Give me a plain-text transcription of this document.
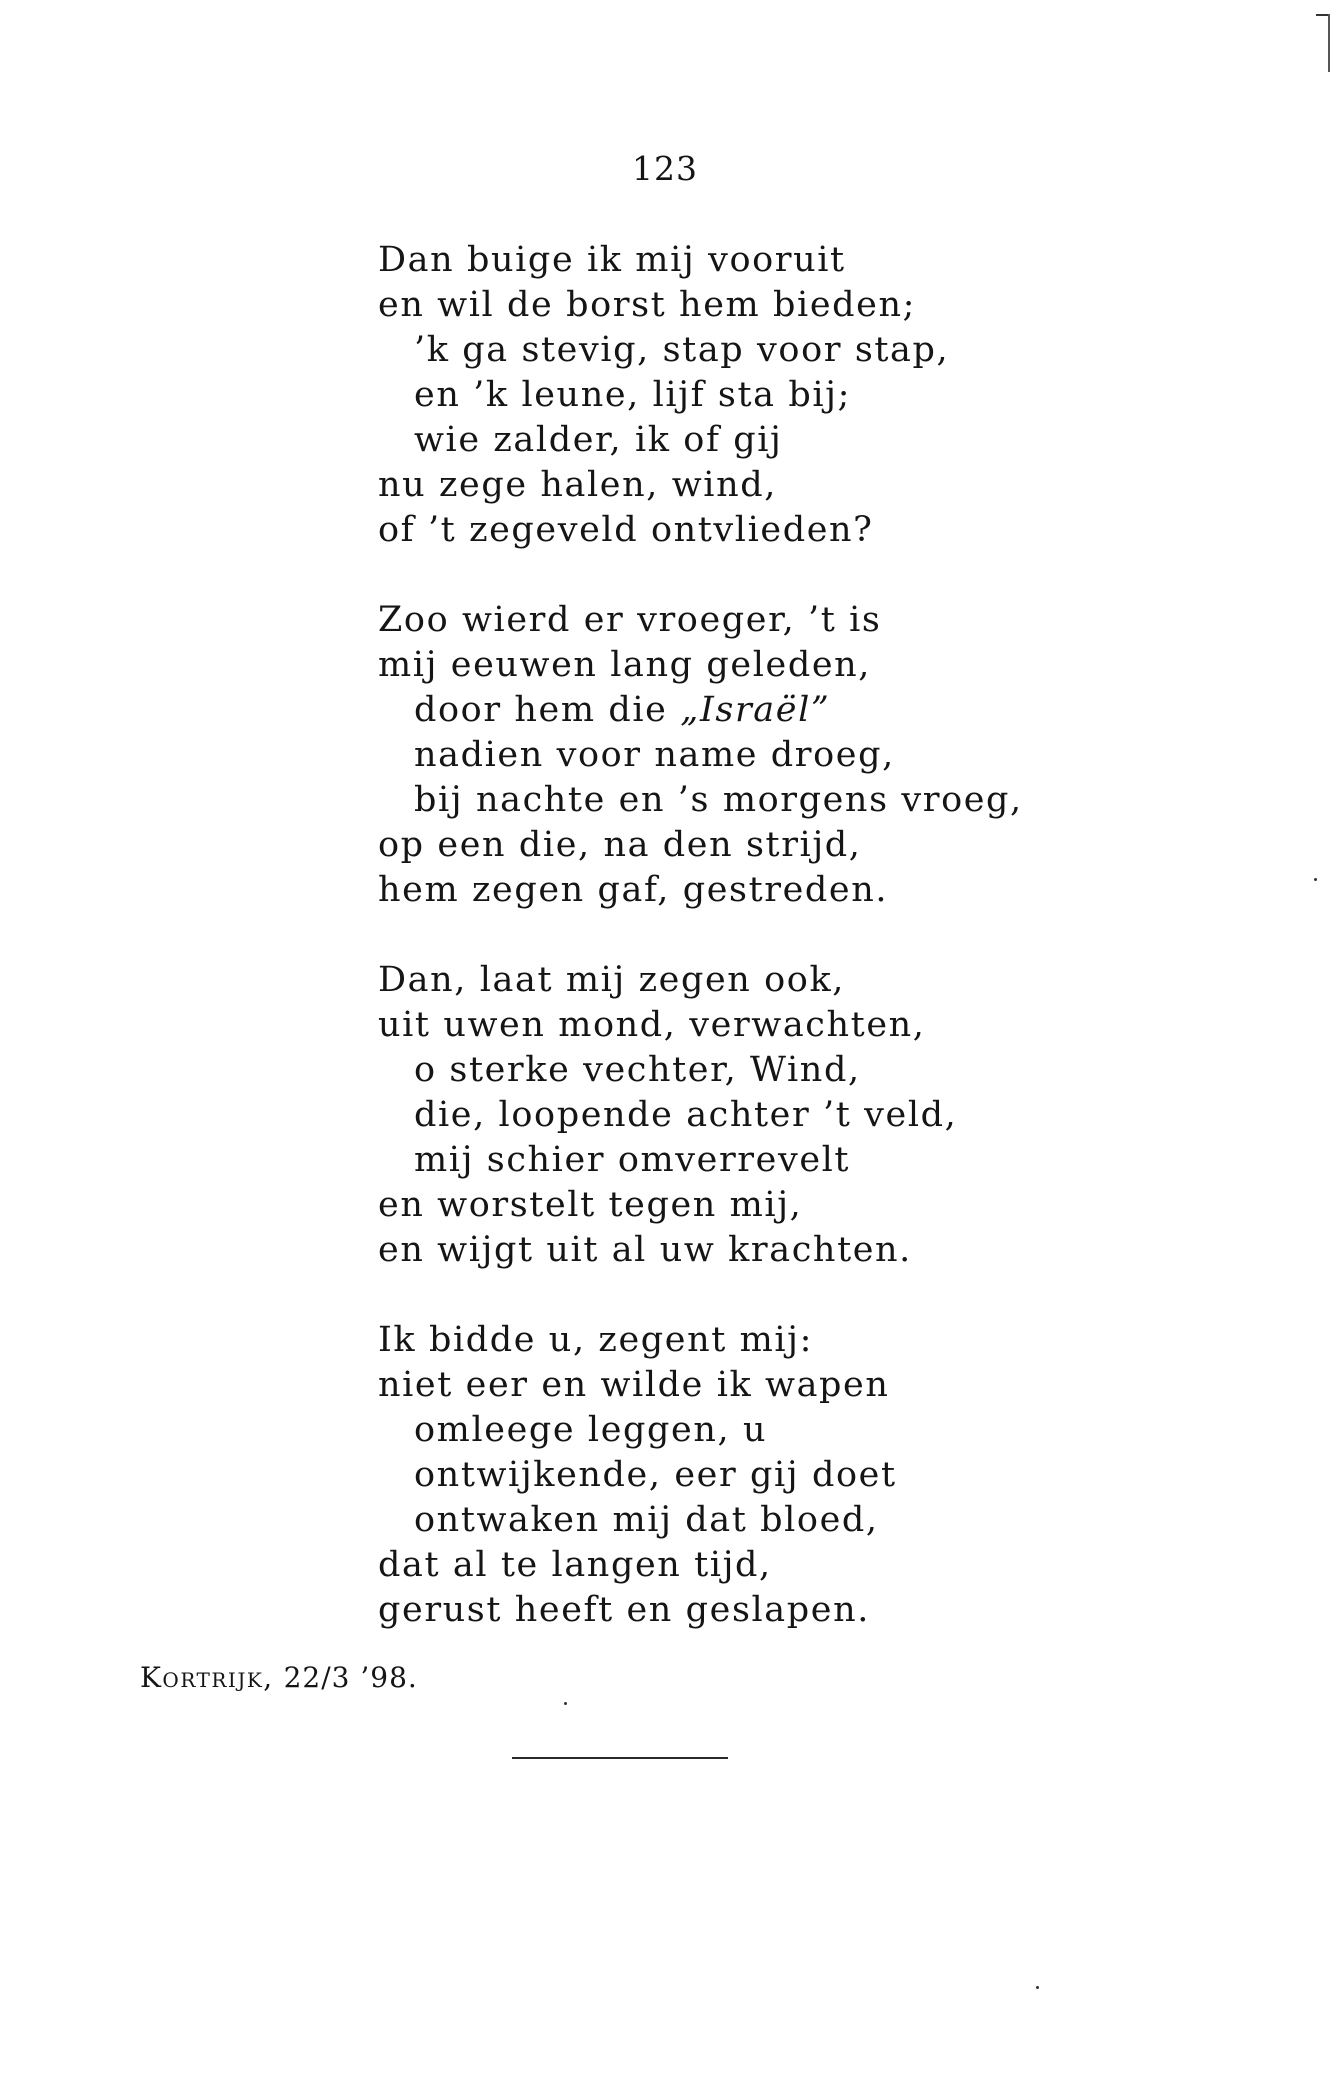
123
Dan buige ik mij vooruit
en wil de borst hem bieden;
’k ga stevig, stap voor stap,
en ’k leune, lijf sta bij;
wie zalder, ik of gij
nu zege halen, wind,
of ’t zegeveld ontvlieden?
Zoo wierd er vroeger, ’t is
mij eeuwen lang geleden,
door hem die „Israël”
nadien voor name droeg,
bij nachte en ’s morgens vroeg,
op een die, na den strijd,
hem zegen gaf, gestreden.
Dan, laat mij zegen ook,
uit uwen mond, verwachten,
o sterke vechter, Wind,
die, loopende achter ’t veld,
mij schier omverrevelt
en worstelt tegen mij,
en wijgt uit al uw krachten.
Ik bidde u, zegent mij:
niet eer en wilde ik wapen
omleege leggen, u
ontwijkende, eer gij doet
ontwaken mij dat bloed,
dat al te langen tijd,
gerust heeft en geslapen.
Kortrijk, 22/3 ’98.
